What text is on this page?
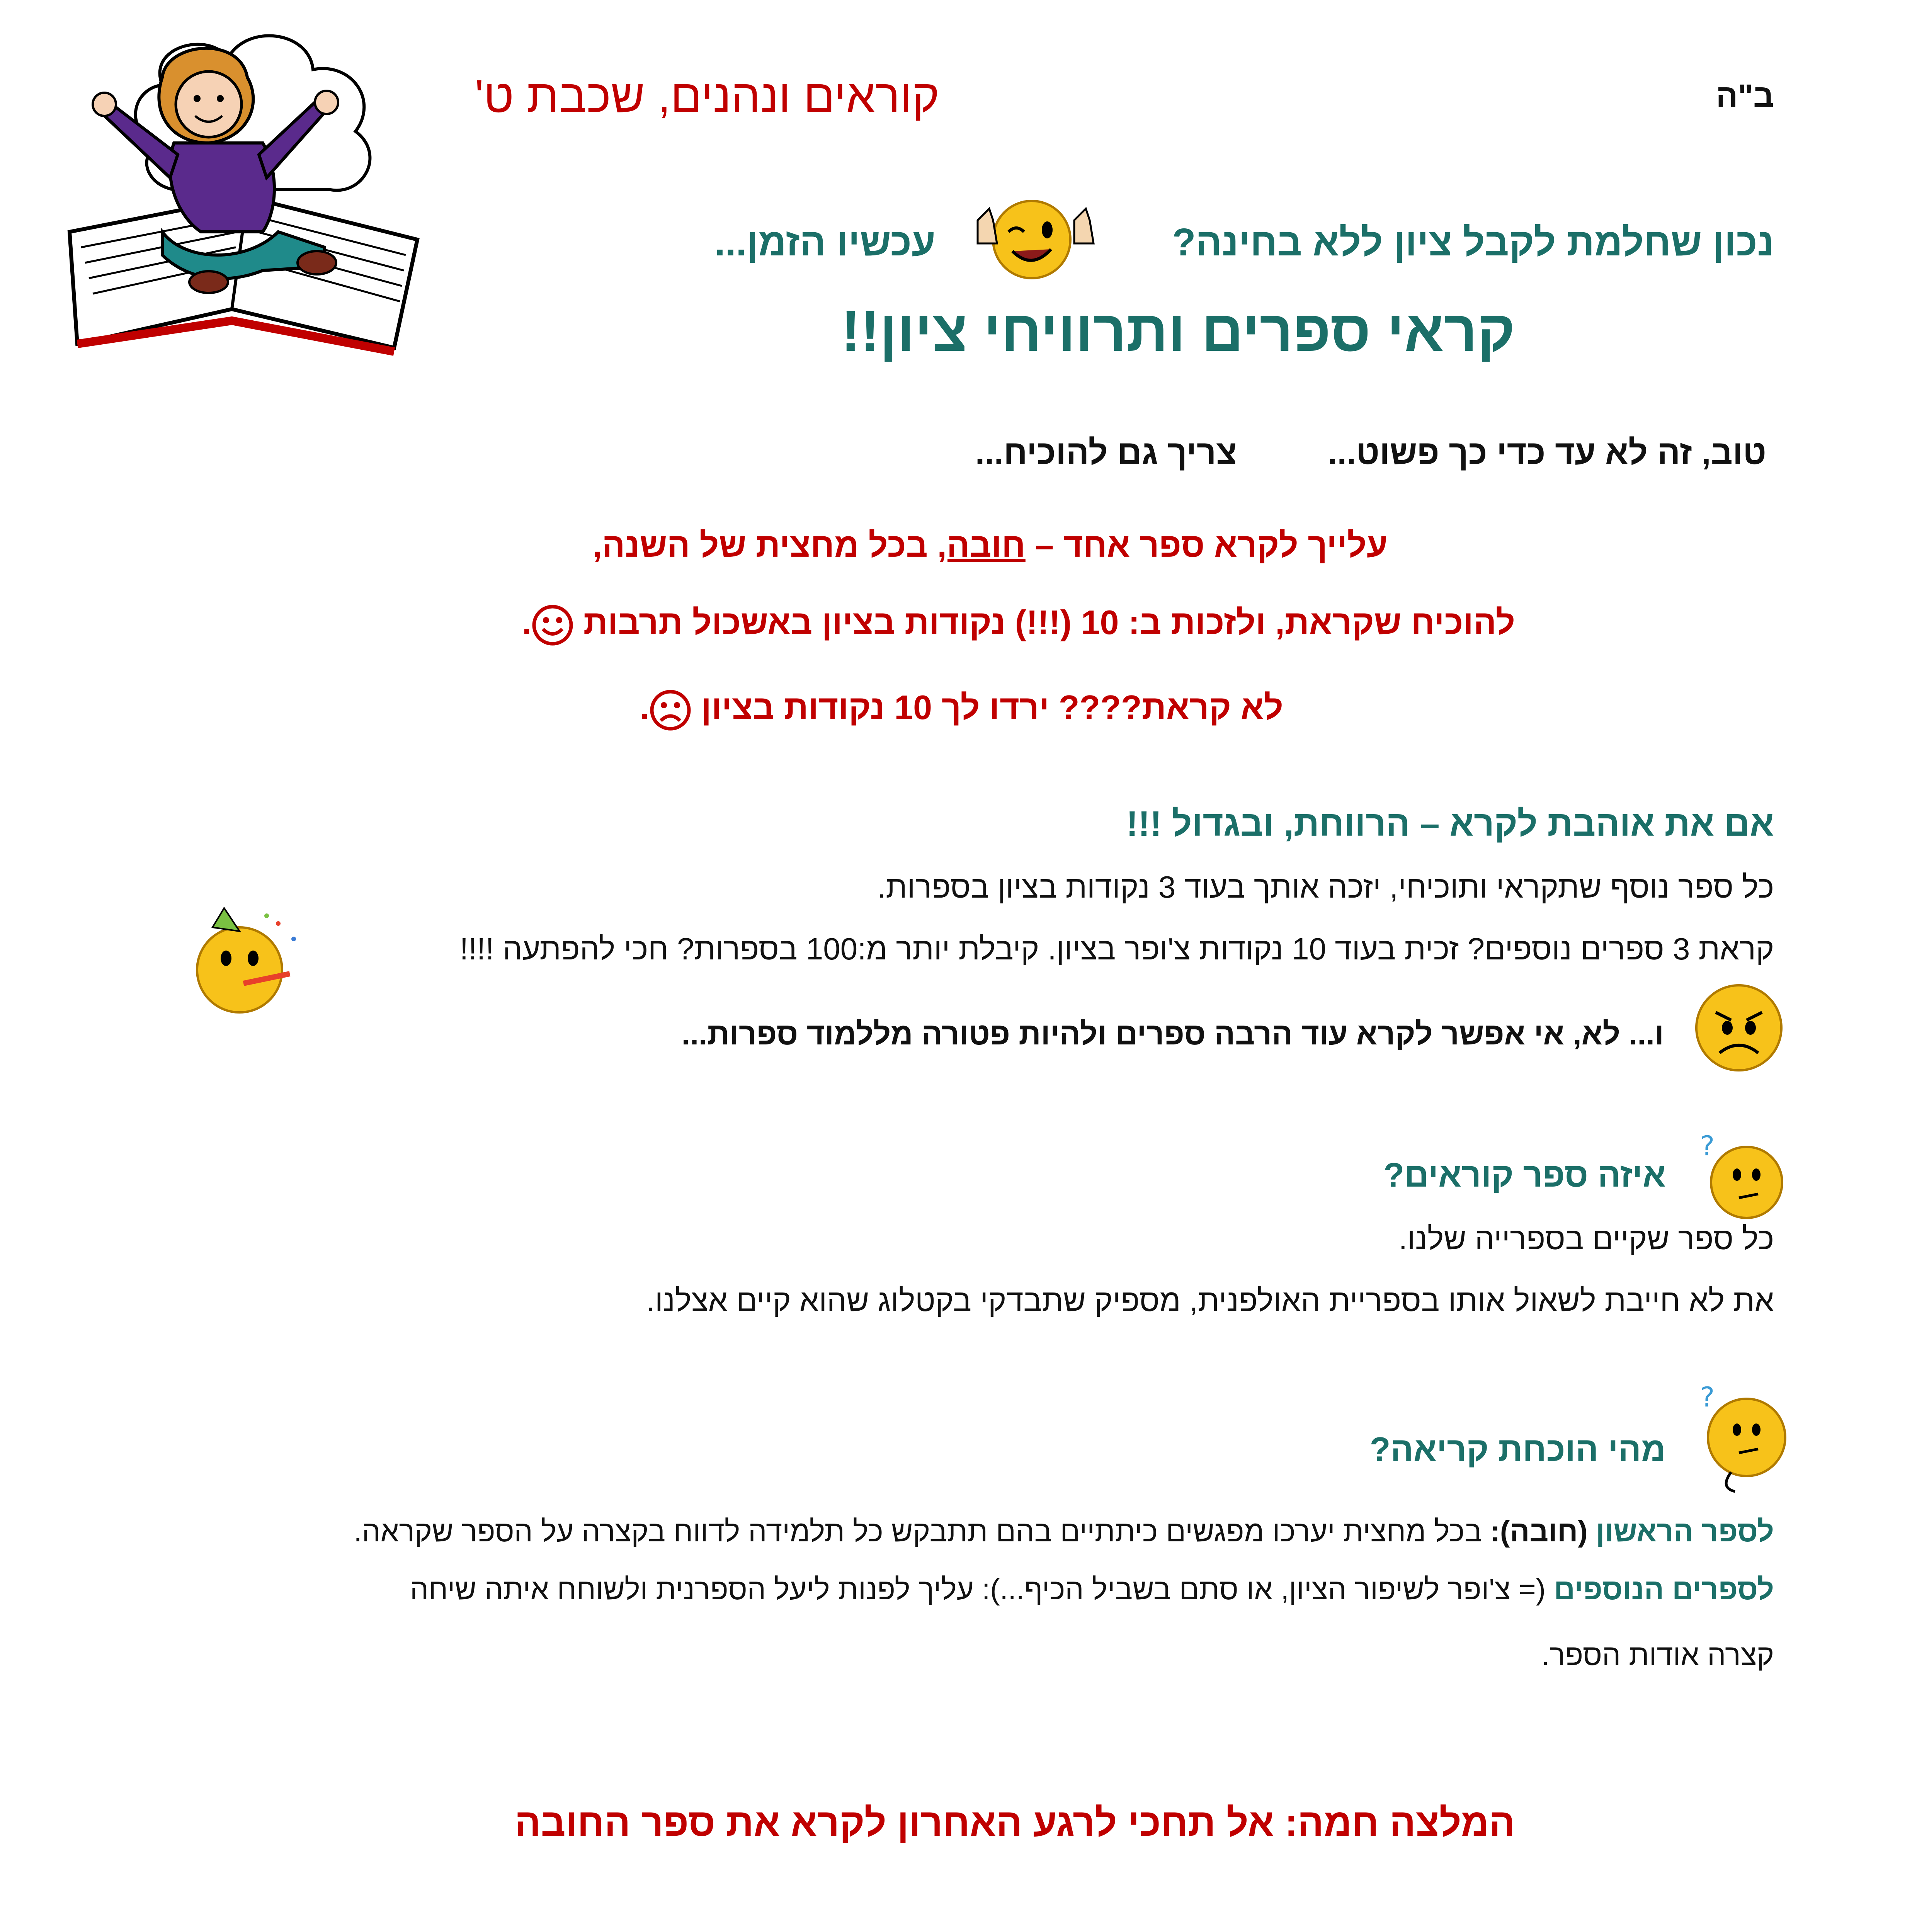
ב"ה
קוראים ונהנים, שכבת ט'
נכון שחלמת לקבל ציון ללא בחינה?
עכשיו הזמן...
קראי ספרים ותרוויחי ציון!!
טוב, זה לא עד כדי כך פשוט...
צריך גם להוכיח...
עלייך לקרא ספר אחד – חובה, בכל מחצית של השנה,
להוכיח שקראת, ולזכות ב: 10 (!!!) נקודות בציון באשכול תרבות .
לא קראת???? ירדו לך 10 נקודות בציון .
אם את אוהבת לקרא – הרווחת, ובגדול !!!
כל ספר נוסף שתקראי ותוכיחי, יזכה אותך בעוד 3 נקודות בציון בספרות.
קראת 3 ספרים נוספים? זכית בעוד 10 נקודות צ'ופר בציון. קיבלת יותר מ:100 בספרות? חכי להפתעה !!!!
ו... לא, אי אפשר לקרא עוד הרבה ספרים ולהיות פטורה מללמוד ספרות...
איזה ספר קוראים?
?
כל ספר שקיים בספרייה שלנו.
את לא חייבת לשאול אותו בספריית האולפנית, מספיק שתבדקי בקטלוג שהוא קיים אצלנו.
מהי הוכחת קריאה?
?
לספר הראשון (חובה): בכל מחצית יערכו מפגשים כיתתיים בהם תתבקש כל תלמידה לדווח בקצרה על הספר שקראה.
לספרים הנוספים (= צ'ופר לשיפור הציון, או סתם בשביל הכיף...): עליך לפנות ליעל הספרנית ולשוחח איתה שיחה
קצרה אודות הספר.
המלצה חמה: אל תחכי לרגע האחרון לקרא את ספר החובה
